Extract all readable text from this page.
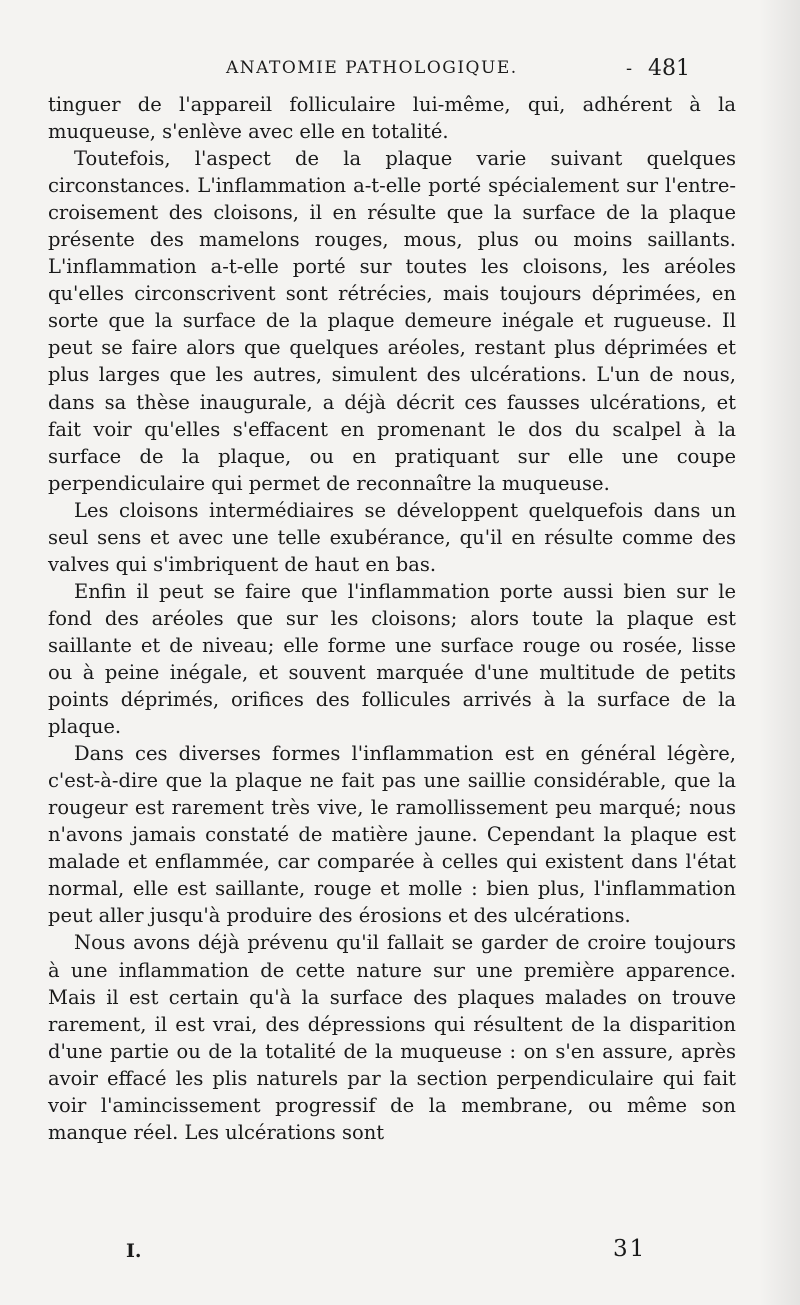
ANATOMIE PATHOLOGIQUE.	- 481

tinguer de l'appareil folliculaire lui-même, qui, adhérent à la muqueuse, s'enlève avec elle en totalité.

Toutefois, l'aspect de la plaque varie suivant quelques circonstances. L'inflammation a-t-elle porté spécialement sur l'entre-croisement des cloisons, il en résulte que la surface de la plaque présente des mamelons rouges, mous, plus ou moins saillants. L'inflammation a-t-elle porté sur toutes les cloisons, les aréoles qu'elles circonscrivent sont rétrécies, mais toujours déprimées, en sorte que la surface de la plaque demeure inégale et rugueuse. Il peut se faire alors que quelques aréoles, restant plus déprimées et plus larges que les autres, simulent des ulcérations. L'un de nous, dans sa thèse inaugurale, a déjà décrit ces fausses ulcérations, et fait voir qu'elles s'effacent en promenant le dos du scalpel à la surface de la plaque, ou en pratiquant sur elle une coupe perpendiculaire qui permet de reconnaître la muqueuse.

Les cloisons intermédiaires se développent quelquefois dans un seul sens et avec une telle exubérance, qu'il en résulte comme des valves qui s'imbriquent de haut en bas.

Enfin il peut se faire que l'inflammation porte aussi bien sur le fond des aréoles que sur les cloisons; alors toute la plaque est saillante et de niveau; elle forme une surface rouge ou rosée, lisse ou à peine inégale, et souvent marquée d'une multitude de petits points déprimés, orifices des follicules arrivés à la surface de la plaque.

Dans ces diverses formes l'inflammation est en général légère, c'est-à-dire que la plaque ne fait pas une saillie considérable, que la rougeur est rarement très vive, le ramollissement peu marqué; nous n'avons jamais constaté de matière jaune. Cependant la plaque est malade et enflammée, car comparée à celles qui existent dans l'état normal, elle est saillante, rouge et molle : bien plus, l'inflammation peut aller jusqu'à produire des érosions et des ulcérations.

Nous avons déjà prévenu qu'il fallait se garder de croire toujours à une inflammation de cette nature sur une première apparence. Mais il est certain qu'à la surface des plaques malades on trouve rarement, il est vrai, des dépressions qui résultent de la disparition d'une partie ou de la totalité de la muqueuse : on s'en assure, après avoir effacé les plis naturels par la section perpendiculaire qui fait voir l'amincissement progressif de la membrane, ou même son manque réel. Les ulcérations sont

I.	31
